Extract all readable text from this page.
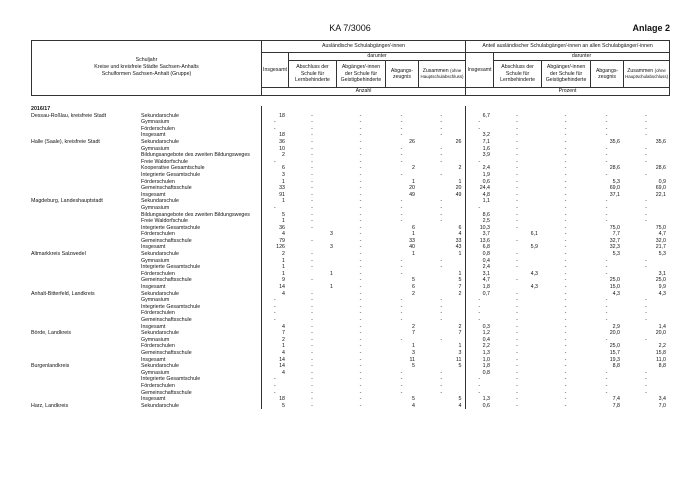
KA 7/3006	Anlage 2
Schuljahr
Kreise und kreisfreie Städte Sachsen-Anhalts
Schulformen Sachsen-Anhalt (Gruppe)	Ausländische Schulabgänger/-innen					Anteil ausländischer Schulabgänger/-innen an allen Schulabgänger/-innen				
	Insgesamt	darunter				Insgesamt	darunter			
		Abschluss der Schule für Lernbehinderte	Abgänger/-innen der Schule für Geistigbehinderte	Abgangs-zeugnis	Zusammen (ohne Hauptschulabschluss)		Abschluss der Schule für Lernbehinderte	Abgänger/-innen der Schule für Geistigbehinderte	Abgangs-zeugnis	Zusammen (ohne Hauptschulabschluss)
	Anzahl					Prozent				
2016/17											
Dessau-Roßlau, kreisfreie Stadt	Sekundarschule	18	-	-	-	-	6,7	-	-	-	-
	Gymnasium	-	-	-	-	-	-	-	-	-	-
	Förderschulen	-	-	-	-	-	-	-	-	-	-
	Insgesamt	18	-	-	-	-	3,2	-	-	-	-
Halle (Saale), kreisfreie Stadt	Sekundarschule	36	-	-	26	26	7,1	-	-	35,6	35,6
	Gymnasium	10	-	-	-	-	1,6	-	-	-	-
	Bildungsangebote des zweiten Bildungsweges	2	-	-	-	-	3,9	-	-	-	-
	Freie Waldorfschule	-	-	-	-	-	-	-	-	-	-
	Kooperative Gesamtschule	6	-	-	2	2	2,4	-	-	28,6	28,6
	Integrierte Gesamtschule	3	-	-	-	-	1,9	-	-	-	-
	Förderschulen	1	-	-	1	1	0,6	-	-	5,3	0,9
	Gemeinschaftsschule	33	-	-	20	20	24,4	-	-	69,0	69,0
	Insgesamt	91	-	-	49	49	4,8	-	-	37,1	22,1
Magdeburg, Landeshauptstadt	Sekundarschule	1	-	-	-	-	1,1	-	-	-	-
	Gymnasium	-	-	-	-	-	-	-	-	-	-
	Bildungsangebote des zweiten Bildungsweges	5	-	-	-	-	8,6	-	-	-	-
	Freie Waldorfschule	1	-	-	-	-	2,5	-	-	-	-
	Integrierte Gesamtschule	36	-	-	6	6	10,3	-	-	75,0	75,0
	Förderschulen	4	3	-	1	4	3,7	6,1	-	7,7	4,7
	Gemeinschaftsschule	79	-	-	33	33	13,6	-	-	32,7	32,0
	Insgesamt	126	3	-	40	43	6,8	5,9	-	32,3	21,7
Altmarkkreis Salzwedel	Sekundarschule	2	-	-	1	1	0,8	-	-	5,3	5,3
	Gymnasium	1	-	-	-	-	0,4	-	-	-	-
	Integrierte Gesamtschule	1	-	-	-	-	2,4	-	-	-	-
	Förderschulen	1	1	-	-	1	3,1	4,3	-	-	3,1
	Gemeinschaftsschule	9	-	-	5	5	4,7	-	-	25,0	25,0
	Insgesamt	14	1	-	6	7	1,8	4,3	-	15,0	9,9
Anhalt-Bitterfeld, Landkreis	Sekundarschule	4	-	-	2	2	0,7	-	-	4,3	4,3
	Gymnasium	-	-	-	-	-	-	-	-	-	-
	Integrierte Gesamtschule	-	-	-	-	-	-	-	-	-	-
	Förderschulen	-	-	-	-	-	-	-	-	-	-
	Gemeinschaftsschule	-	-	-	-	-	-	-	-	-	-
	Insgesamt	4	-	-	2	2	0,3	-	-	2,9	1,4
Börde, Landkreis	Sekundarschule	7	-	-	7	7	1,2	-	-	20,0	20,0
	Gymnasium	2	-	-	-	-	0,4	-	-	-	-
	Förderschulen	1	-	-	1	1	2,2	-	-	25,0	2,2
	Gemeinschaftsschule	4	-	-	3	3	1,3	-	-	15,7	15,8
	Insgesamt	14	-	-	11	11	1,0	-	-	19,3	11,0
Burgenlandkreis	Sekundarschule	14	-	-	5	5	1,8	-	-	8,8	8,8
	Gymnasium	4	-	-	-	-	0,8	-	-	-	-
	Integrierte Gesamtschule	-	-	-	-	-	-	-	-	-	-
	Förderschulen	-	-	-	-	-	-	-	-	-	-
	Gemeinschaftsschule	-	-	-	-	-	-	-	-	-	-
	Insgesamt	18	-	-	5	5	1,3	-	-	7,4	3,4
Harz, Landkreis	Sekundarschule	5	-	-	4	4	0,6	-	-	7,8	7,0
